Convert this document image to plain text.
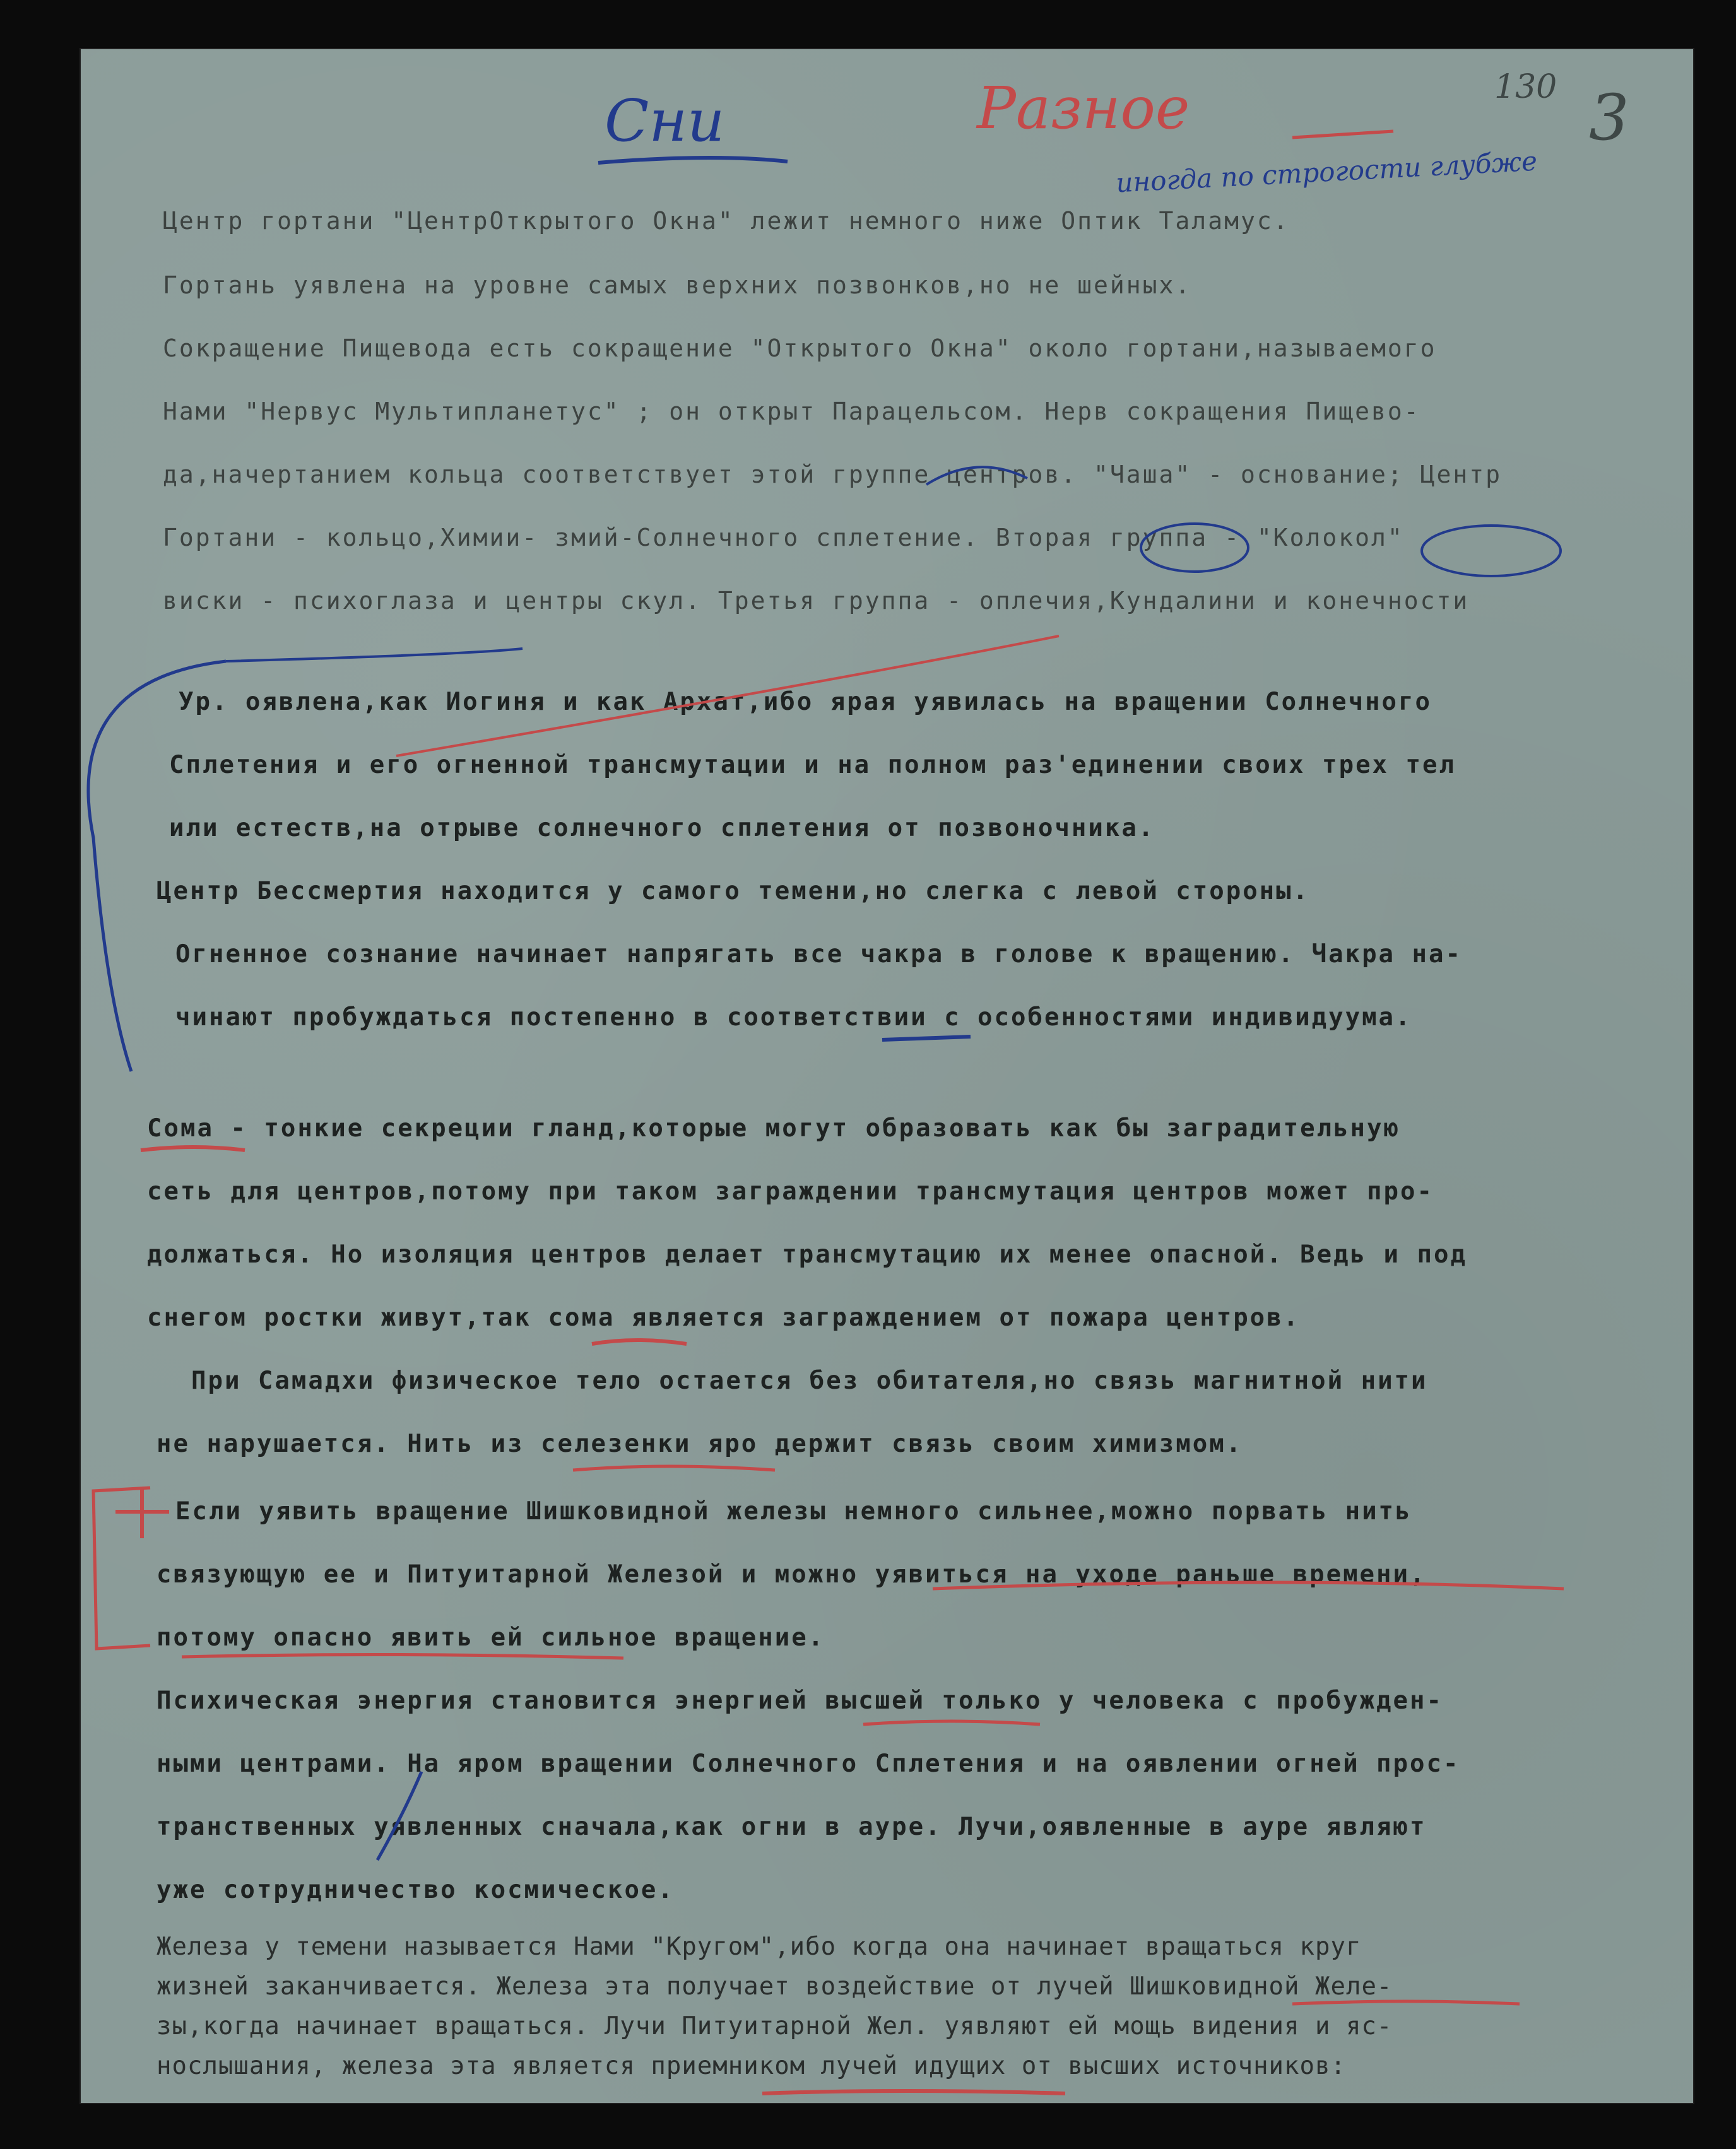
Сни	Разное	130 3
иногда по строгости глубже
Центр гортани "ЦентрОткрытого Окна" лежит немного ниже Оптик Таламус.
Гортань уявлена на уровне самых верхних позвонков,но не шейных.
Сокращение Пищевода есть сокращение "Открытого Окна" около гортани,называемого
Нами "Нервус Мультипланетус" ; он открыт Парацельсом. Нерв сокращения Пищево-
да,начертанием кольца соответствует этой группе центров. "Чаша" - основание; Центр
Гортани - кольцо,Химии- змий-Солнечного сплетение. Вторая группа - "Колокол"
виски - психоглаза и центры скул. Третья группа - оплечия,Кундалини и конечности
Ур. оявлена,как Иогиня и как Архат,ибо ярая уявилась на вращении Солнечного
Сплетения и его огненной трансмутации и на полном раз'единении своих трех тел
или естеств,на отрыве солнечного сплетения от позвоночника.
Центр Бессмертия находится у самого темени,но слегка с левой стороны.
Огненное сознание начинает напрягать все чакра в голове к вращению. Чакра на-
чинают пробуждаться постепенно в соответствии с особенностями индивидуума.
Сома - тонкие секреции гланд,которые могут образовать как бы заградительную
сеть для центров,потому при таком заграждении трансмутация центров может про-
должаться. Но изоляция центров делает трансмутацию их менее опасной. Ведь и под
снегом ростки живут,так сома является заграждением от пожара центров.
При Самадхи физическое тело остается без обитателя,но связь магнитной нити
не нарушается. Нить из селезенки яро держит связь своим химизмом.
Если уявить вращение Шишковидной железы немного сильнее,можно порвать нить
связующую ее и Питуитарной Железой и можно уявиться на уходе раньше времени,
потому опасно явить ей сильное вращение.
Психическая энергия становится энергией высшей только у человека с пробужден-
ными центрами. На яром вращении Солнечного Сплетения и на оявлении огней прос-
транственных уявленных сначала,как огни в ауре. Лучи,оявленные в ауре являют
уже сотрудничество космическое.
Железа у темени называется Нами "Кругом",ибо когда она начинает вращаться круг
жизней заканчивается. Железа эта получает воздействие от лучей Шишковидной Желе-
зы,когда начинает вращаться. Лучи Питуитарной Жел. уявляют ей мощь видения и яс-
нослышания, железа эта является приемником лучей идущих от высших источников:
